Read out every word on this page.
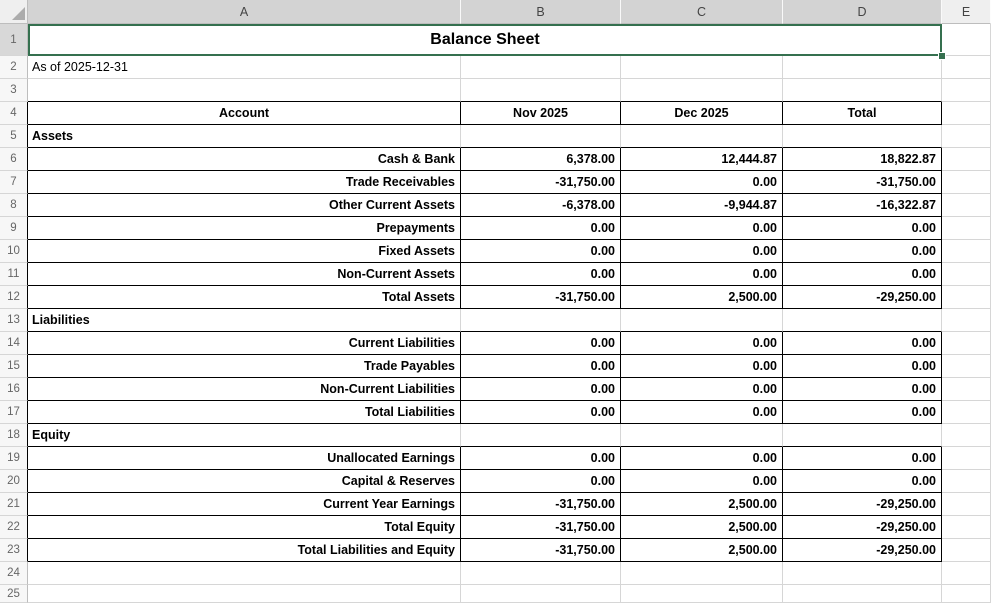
A	B	C	D	E
1	Balance Sheet
2	As of 2025-12-31
3
4	Account	Nov 2025	Dec 2025	Total
5	Assets
6	Cash & Bank	6,378.00	12,444.87	18,822.87
7	Trade Receivables	-31,750.00	0.00	-31,750.00
8	Other Current Assets	-6,378.00	-9,944.87	-16,322.87
9	Prepayments	0.00	0.00	0.00
10	Fixed Assets	0.00	0.00	0.00
11	Non-Current Assets	0.00	0.00	0.00
12	Total Assets	-31,750.00	2,500.00	-29,250.00
13 Liabilities
14	Current Liabilities	0.00	0.00	0.00
15	Trade Payables	0.00	0.00	0.00
16	Non-Current Liabilities	0.00	0.00	0.00
17	Total Liabilities	0.00	0.00	0.00
18 Equity
19	Unallocated Earnings	0.00	0.00	0.00
20	Capital & Reserves	0.00	0.00	0.00
21	Current Year Earnings	-31,750.00	2,500.00	-29,250.00
22	Total Equity	-31,750.00	2,500.00	-29,250.00
23	Total Liabilities and Equity	-31,750.00	2,500.00	-29,250.00
24
25
